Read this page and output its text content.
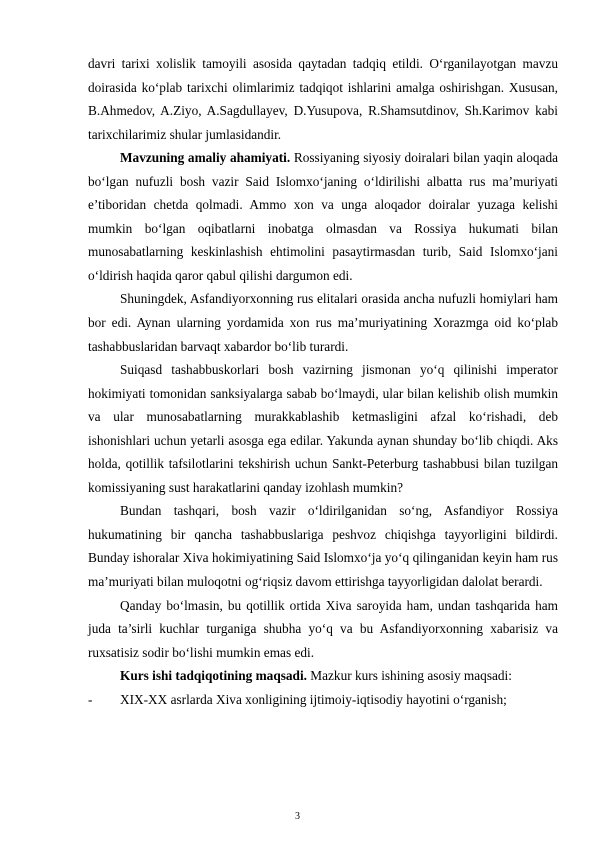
davri tarixi xolislik tamoyili asosida qaytadan tadqiq etildi. O‘rganilayotgan mavzu doirasida ko‘plab tarixchi olimlarimiz tadqiqot ishlarini amalga oshirishgan. Xususan, B.Ahmedov, A.Ziyo, A.Sagdullayev, D.Yusupova, R.Shamsutdinov, Sh.Karimov kabi tarixchilarimiz shular jumlasidandir.

Mavzuning amaliy ahamiyati. Rossiyaning siyosiy doiralari bilan yaqin aloqada bo‘lgan nufuzli bosh vazir Said Islomxo‘janing o‘ldirilishi albatta rus ma’muriyati e’tiboridan chetda qolmadi. Ammo xon va unga aloqador doiralar yuzaga kelishi mumkin bo‘lgan oqibatlarni inobatga olmasdan va Rossiya hukumati bilan munosabatlarning keskinlashish ehtimolini pasaytirmasdan turib, Said Islomxo‘jani o‘ldirish haqida qaror qabul qilishi dargumon edi.

Shuningdek, Asfandiyorxonning rus elitalari orasida ancha nufuzli homiylari ham bor edi. Aynan ularning yordamida xon rus ma’muriyatining Xorazmga oid ko‘plab tashabbuslaridan barvaqt xabardor bo‘lib turardi.

Suiqasd tashabbuskorlari bosh vazirning jismonan yo‘q qilinishi imperator hokimiyati tomonidan sanksiyalarga sabab bo‘lmaydi, ular bilan kelishib olish mumkin va ular munosabatlarning murakkablashib ketmasligini afzal ko‘rishadi, deb ishonishlari uchun yetarli asosga ega edilar. Yakunda aynan shunday bo‘lib chiqdi. Aks holda, qotillik tafsilotlarini tekshirish uchun Sankt-Peterburg tashabbusi bilan tuzilgan komissiyaning sust harakatlarini qanday izohlash mumkin?

Bundan tashqari, bosh vazir o‘ldirilganidan so‘ng, Asfandiyor Rossiya hukumatining bir qancha tashabbuslariga peshvoz chiqishga tayyorligini bildirdi. Bunday ishoralar Xiva hokimiyatining Said Islomxo‘ja yo‘q qilinganidan keyin ham rus ma’muriyati bilan muloqotni og‘riqsiz davom ettirishga tayyorligidan dalolat berardi.

Qanday bo‘lmasin, bu qotillik ortida Xiva saroyida ham, undan tashqarida ham juda ta’sirli kuchlar turganiga shubha yo‘q va bu Asfandiyorxonning xabarisiz va ruxsatisiz sodir bo‘lishi mumkin emas edi.

Kurs ishi tadqiqotining maqsadi. Mazkur kurs ishining asosiy maqsadi:

- XIX-XX asrlarda Xiva xonligining ijtimoiy-iqtisodiy hayotini o‘rganish;

3
